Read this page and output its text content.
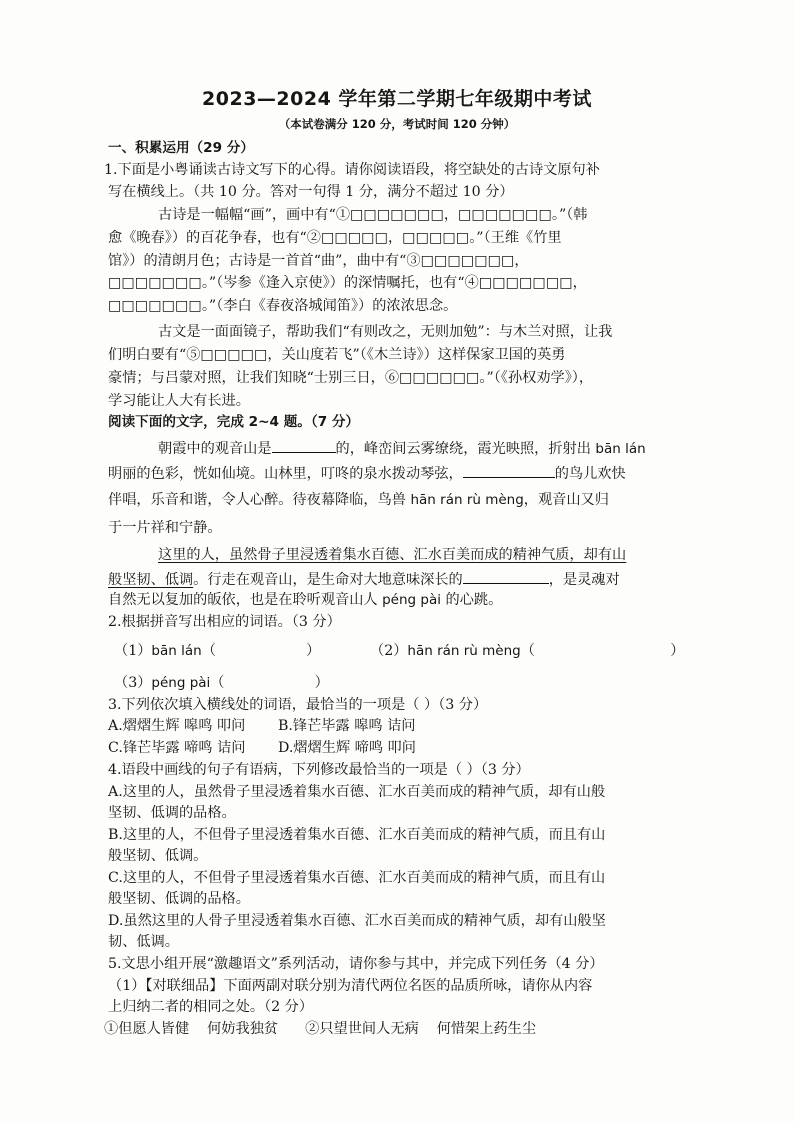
2023—2024 学年第二学期七年级期中考试
（本试卷满分 120 分，考试时间 120 分钟）
一、积累运用（29 分）
1.下面是小粤诵读古诗文写下的心得。请你阅读语段，将空缺处的古诗文原句补
写在横线上。（共 10 分。答对一句得 1 分，满分不超过 10 分）
古诗是一幅幅“画”，画中有“①□□□□□□□，□□□□□□□。”（韩
愈《晚春》）的百花争春，也有“②□□□□□，□□□□□。”（王维《竹里
馆》）的清朗月色；古诗是一首首“曲”，曲中有“③□□□□□□□，
□□□□□□□。”（岑参《逢入京使》）的深情嘱托，也有“④□□□□□□□，
□□□□□□□。”（李白《春夜洛城闻笛》）的浓浓思念。
古文是一面面镜子，帮助我们“有则改之，无则加勉”：与木兰对照，让我
们明白要有“⑤□□□□□，关山度若飞”（《木兰诗》）这样保家卫国的英勇
豪情；与吕蒙对照，让我们知晓“士别三日，⑥□□□□□□。”（《孙权劝学》），
学习能让人大有长进。
阅读下面的文字，完成 2~4 题。（7 分）
朝霞中的观音山是	的，峰峦间云雾缭绕，霞光映照，折射出 bān lán
明丽的色彩，恍如仙境。山林里，叮咚的泉水拨动琴弦，	的鸟儿欢快
伴唱，乐音和谐，令人心醉。待夜幕降临，鸟兽 hān rán rù mèng，观音山又归
于一片祥和宁静。
这里的人，虽然骨子里浸透着集水百德、汇水百美而成的精神气质，却有山
般坚韧、低调。行走在观音山，是生命对大地意味深长的	，是灵魂对
自然无以复加的皈依，也是在聆听观音山人 péng pài 的心跳。
2.根据拼音写出相应的词语。（3 分）
（1）bān lán（                    ）	（2）hān rán rù mèng（                              ）
（3）péng pài（                    ）
3.下列依次填入横线处的词语，最恰当的一项是（ ）（3 分）
A.熠熠生辉 嗥鸣 叩问 B.锋芒毕露 嗥鸣 诘问
C.锋芒毕露 啼鸣 诘问 D.熠熠生辉 啼鸣 叩问
4.语段中画线的句子有语病，下列修改最恰当的一项是（ ）（3 分）
A.这里的人，虽然骨子里浸透着集水百德、汇水百美而成的精神气质，却有山般
坚韧、低调的品格。
B.这里的人，不但骨子里浸透着集水百德、汇水百美而成的精神气质，而且有山
般坚韧、低调。
C.这里的人，不但骨子里浸透着集水百德、汇水百美而成的精神气质，而且有山
般坚韧、低调的品格。
D.虽然这里的人骨子里浸透着集水百德、汇水百美而成的精神气质，却有山般坚
韧、低调。
5.文思小组开展“激趣语文”系列活动，请你参与其中，并完成下列任务（4 分）
（1）【对联细品】下面两副对联分别为清代两位名医的品质所咏，请你从内容
上归纳二者的相同之处。（2 分）
①但愿人皆健    何妨我独贫      ②只望世间人无病    何惜架上药生尘
